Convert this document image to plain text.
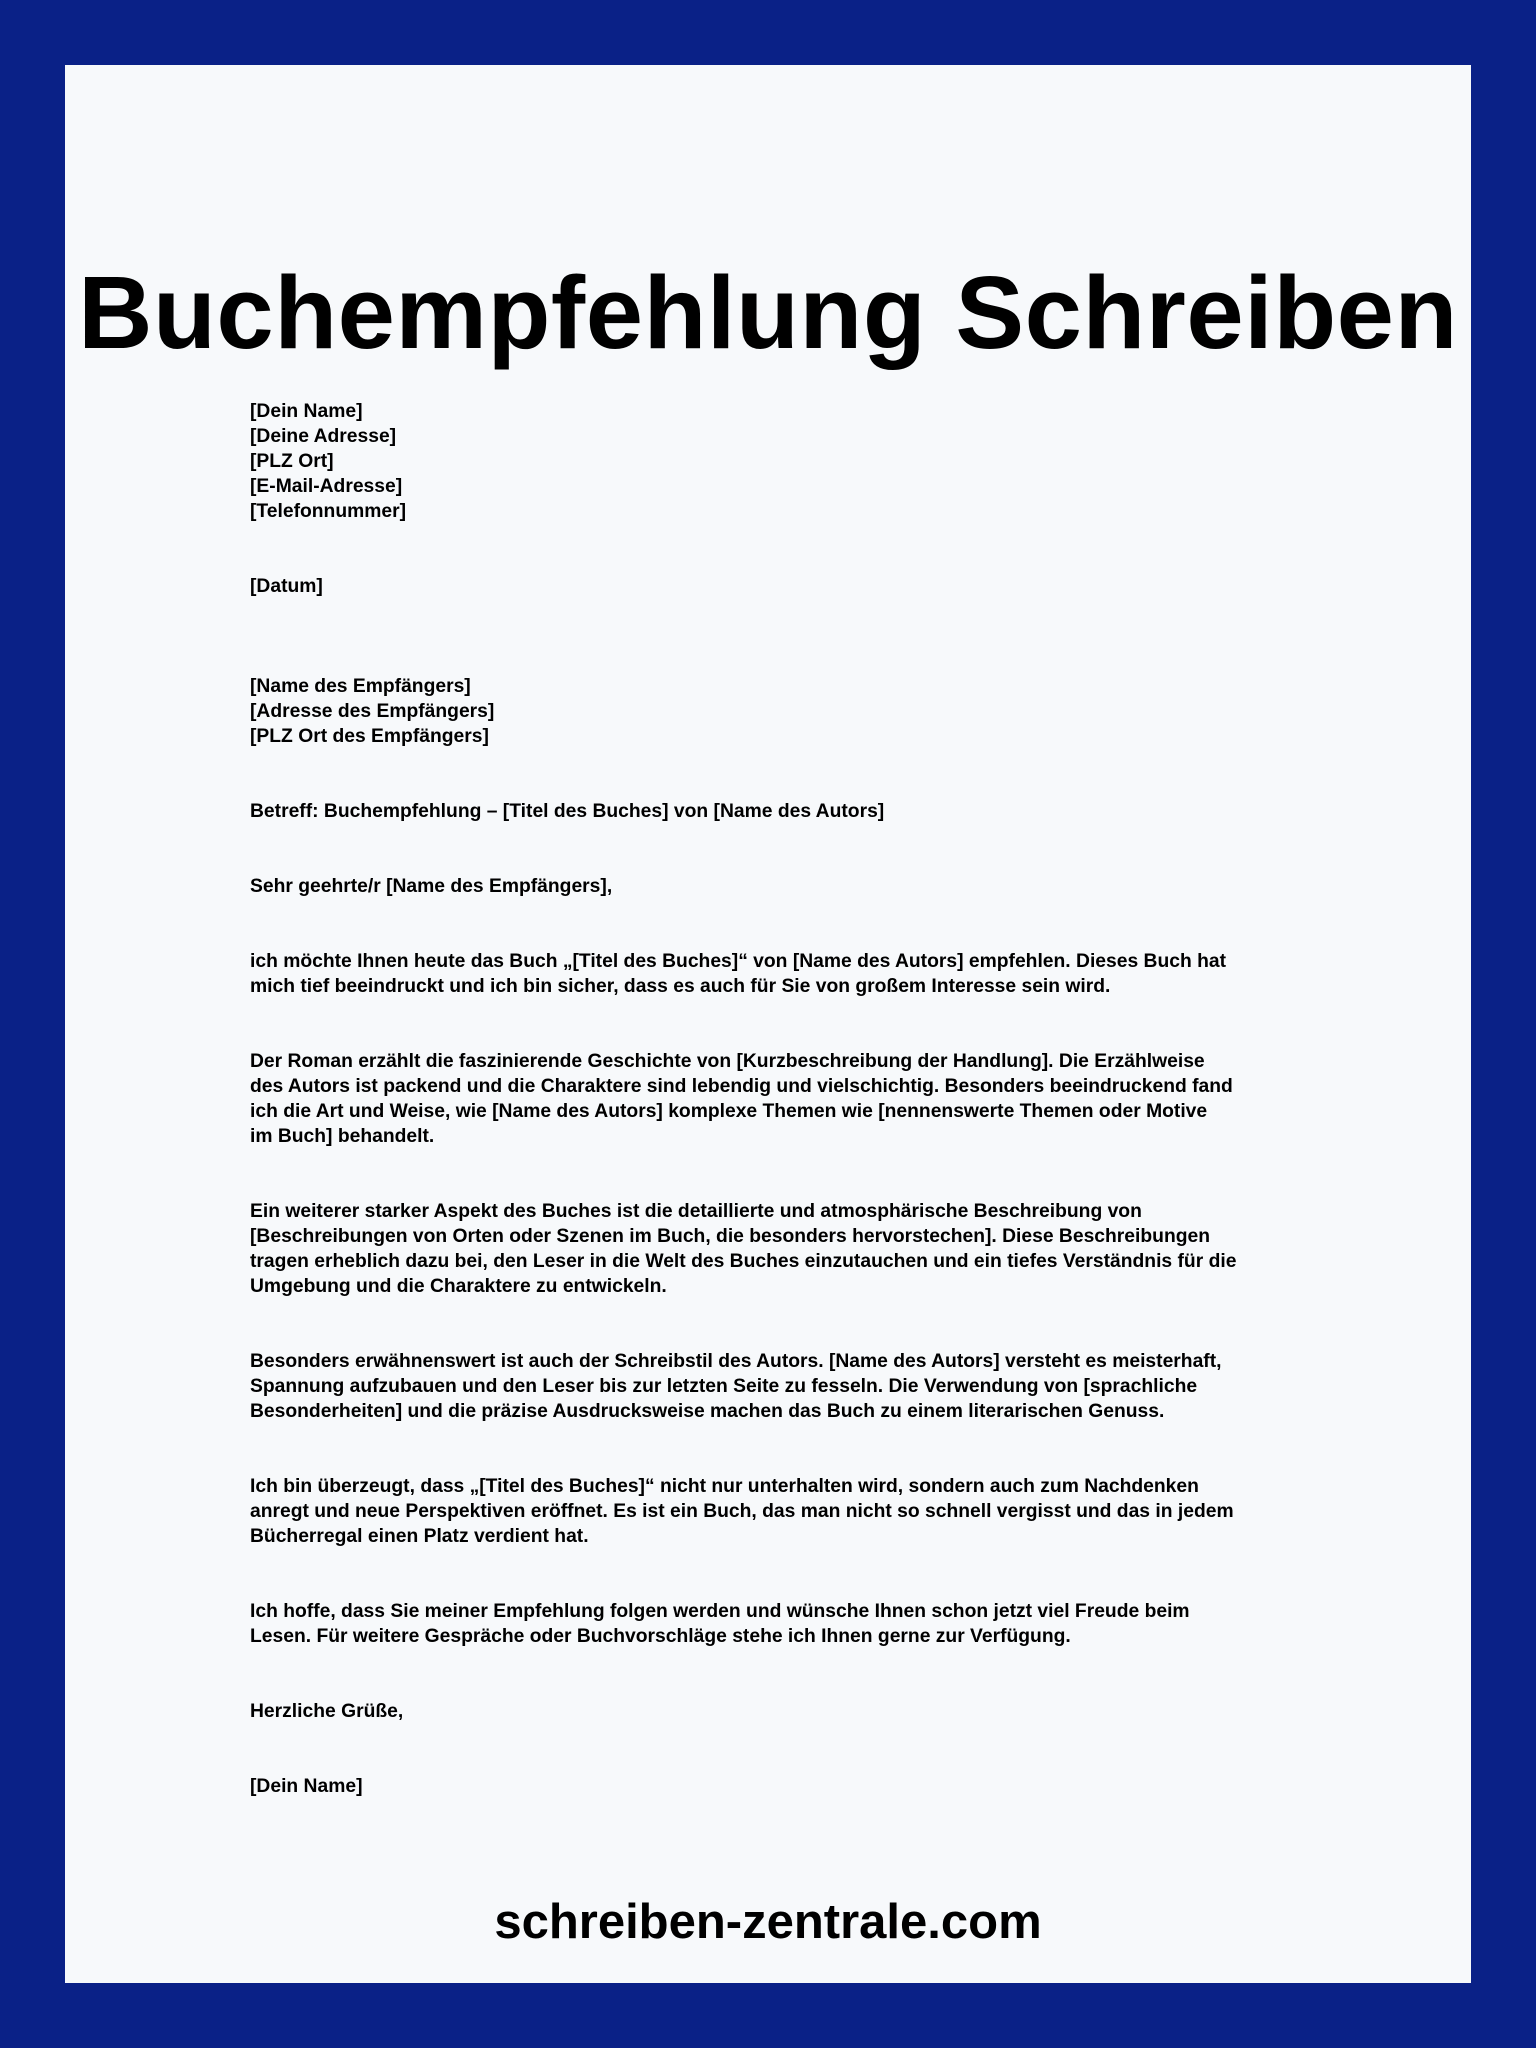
Buchempfehlung Schreiben
[Dein Name]
[Deine Adresse]
[PLZ Ort]
[E-Mail-Adresse]
[Telefonnummer]
[Datum]
[Name des Empfängers]
[Adresse des Empfängers]
[PLZ Ort des Empfängers]
Betreff: Buchempfehlung – [Titel des Buches] von [Name des Autors]
Sehr geehrte/r [Name des Empfängers],

ich möchte Ihnen heute das Buch „[Titel des Buches]“ von [Name des Autors] empfehlen. Dieses Buch hat
mich tief beeindruckt und ich bin sicher, dass es auch für Sie von großem Interesse sein wird.

Der Roman erzählt die faszinierende Geschichte von [Kurzbeschreibung der Handlung]. Die Erzählweise
des Autors ist packend und die Charaktere sind lebendig und vielschichtig. Besonders beeindruckend fand
ich die Art und Weise, wie [Name des Autors] komplexe Themen wie [nennenswerte Themen oder Motive
im Buch] behandelt.

Ein weiterer starker Aspekt des Buches ist die detaillierte und atmosphärische Beschreibung von
[Beschreibungen von Orten oder Szenen im Buch, die besonders hervorstechen]. Diese Beschreibungen
tragen erheblich dazu bei, den Leser in die Welt des Buches einzutauchen und ein tiefes Verständnis für die
Umgebung und die Charaktere zu entwickeln.

Besonders erwähnenswert ist auch der Schreibstil des Autors. [Name des Autors] versteht es meisterhaft,
Spannung aufzubauen und den Leser bis zur letzten Seite zu fesseln. Die Verwendung von [sprachliche
Besonderheiten] und die präzise Ausdrucksweise machen das Buch zu einem literarischen Genuss.

Ich bin überzeugt, dass „[Titel des Buches]“ nicht nur unterhalten wird, sondern auch zum Nachdenken
anregt und neue Perspektiven eröffnet. Es ist ein Buch, das man nicht so schnell vergisst und das in jedem
Bücherregal einen Platz verdient hat.

Ich hoffe, dass Sie meiner Empfehlung folgen werden und wünsche Ihnen schon jetzt viel Freude beim
Lesen. Für weitere Gespräche oder Buchvorschläge stehe ich Ihnen gerne zur Verfügung.

Herzliche Grüße,
[Dein Name]
schreiben-zentrale.com
